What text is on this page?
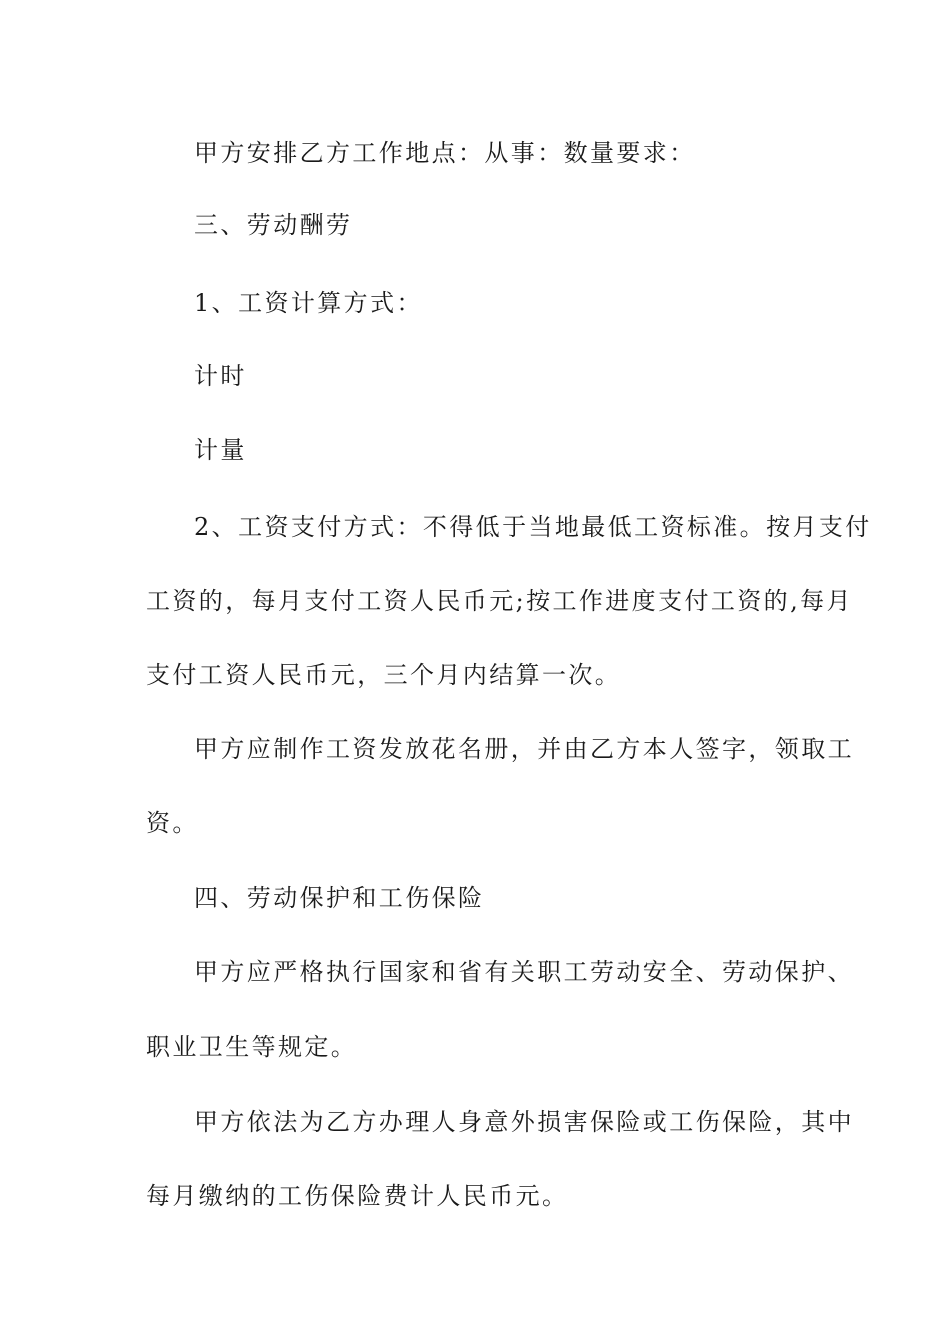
甲方安排乙方工作地点：从事：数量要求：
三、劳动酬劳
1、工资计算方式：
计时
计量
2、工资支付方式：不得低于当地最低工资标准。按月支付
工资的，每月支付工资人民币元;按工作进度支付工资的,每月
支付工资人民币元，三个月内结算一次。
甲方应制作工资发放花名册，并由乙方本人签字，领取工
资。
四、劳动保护和工伤保险
甲方应严格执行国家和省有关职工劳动安全、劳动保护、
职业卫生等规定。
甲方依法为乙方办理人身意外损害保险或工伤保险，其中
每月缴纳的工伤保险费计人民币元。
